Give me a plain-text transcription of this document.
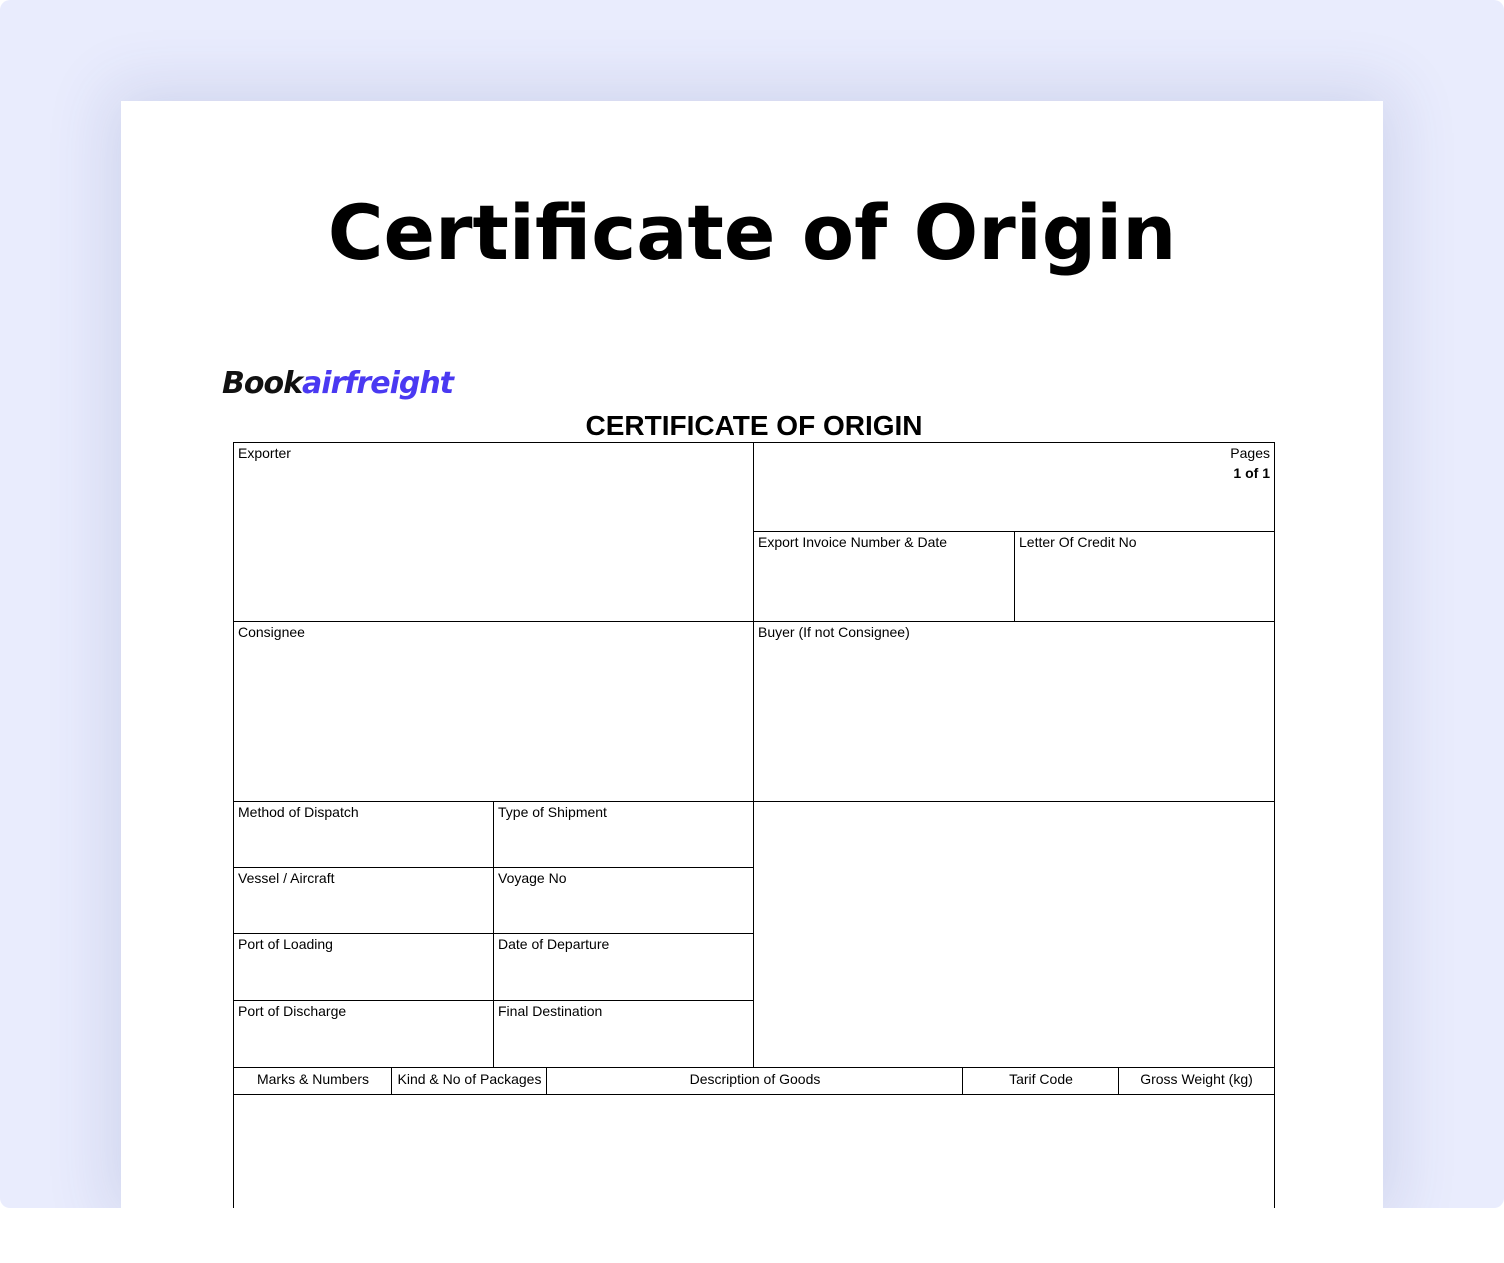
Certificate of Origin
Bookairfreight
CERTIFICATE OF ORIGIN
Exporter	Pages
1 of 1
Export Invoice Number & Date	Letter Of Credit No
Consignee	Buyer (If not Consignee)
Method of Dispatch	Type of Shipment
Vessel / Aircraft	Voyage No
Port of Loading	Date of Departure
Port of Discharge	Final Destination
Marks & Numbers	Kind & No of Packages	Description of Goods	Tarif Code	Gross Weight (kg)
